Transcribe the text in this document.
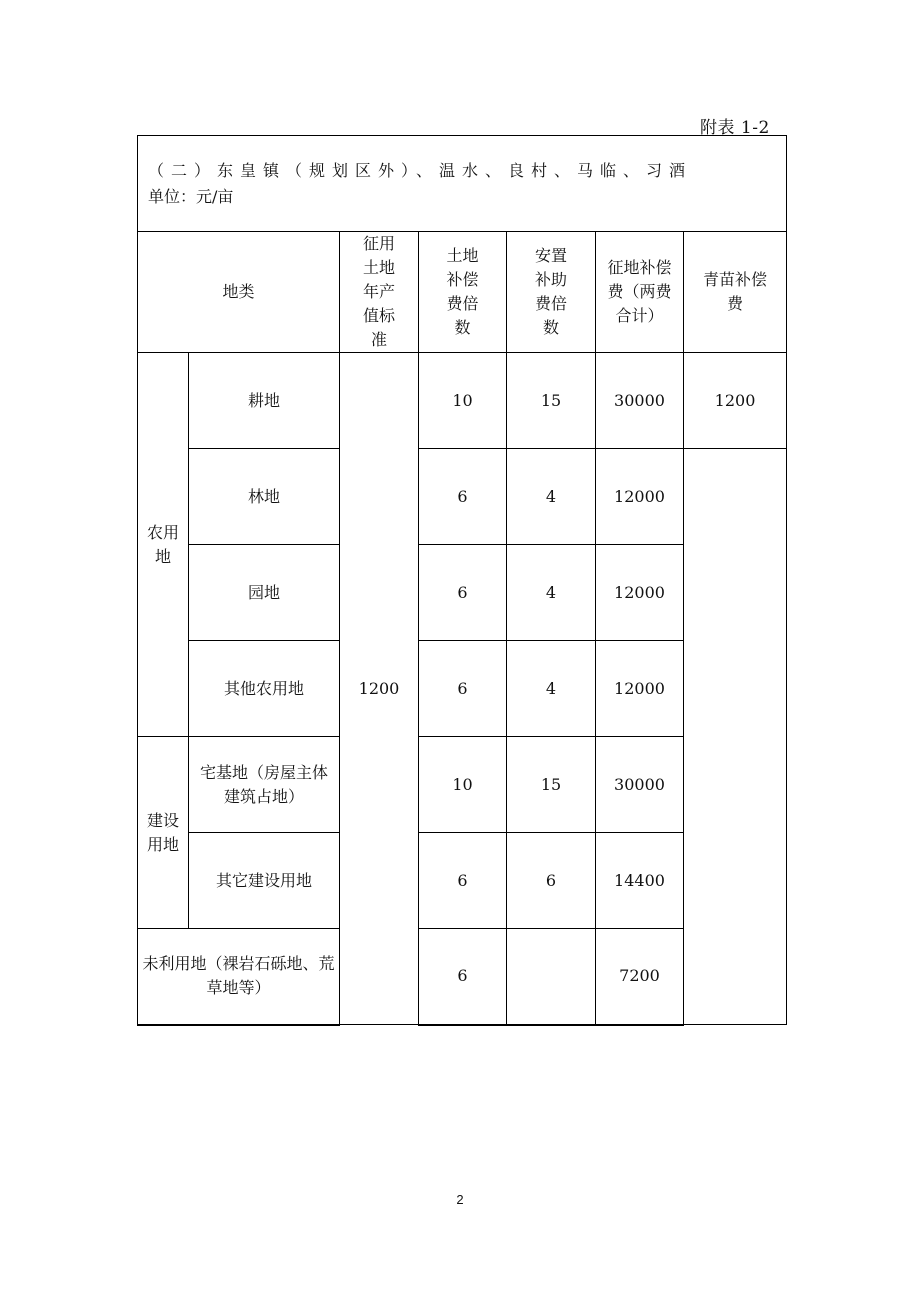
附表 1-2
（二）东皇镇（规划区外）、温水、良村、马临、习酒
单位：元/亩						

地类		征用土地年产值标准	土地补偿费倍数	安置补助费倍数	征地补偿费（两费合计）	青苗补偿费
农用地	耕地	1200	10	15	30000	1200
	林地		6	4	12000	
	园地		6	4	12000	
	其他农用地		6	4	12000	
建设用地	宅基地（房屋主体建筑占地）		10	15	30000	
	其它建设用地		6	6	14400	
未利用地（裸岩石砾地、荒草地等）			6		7200	
2
